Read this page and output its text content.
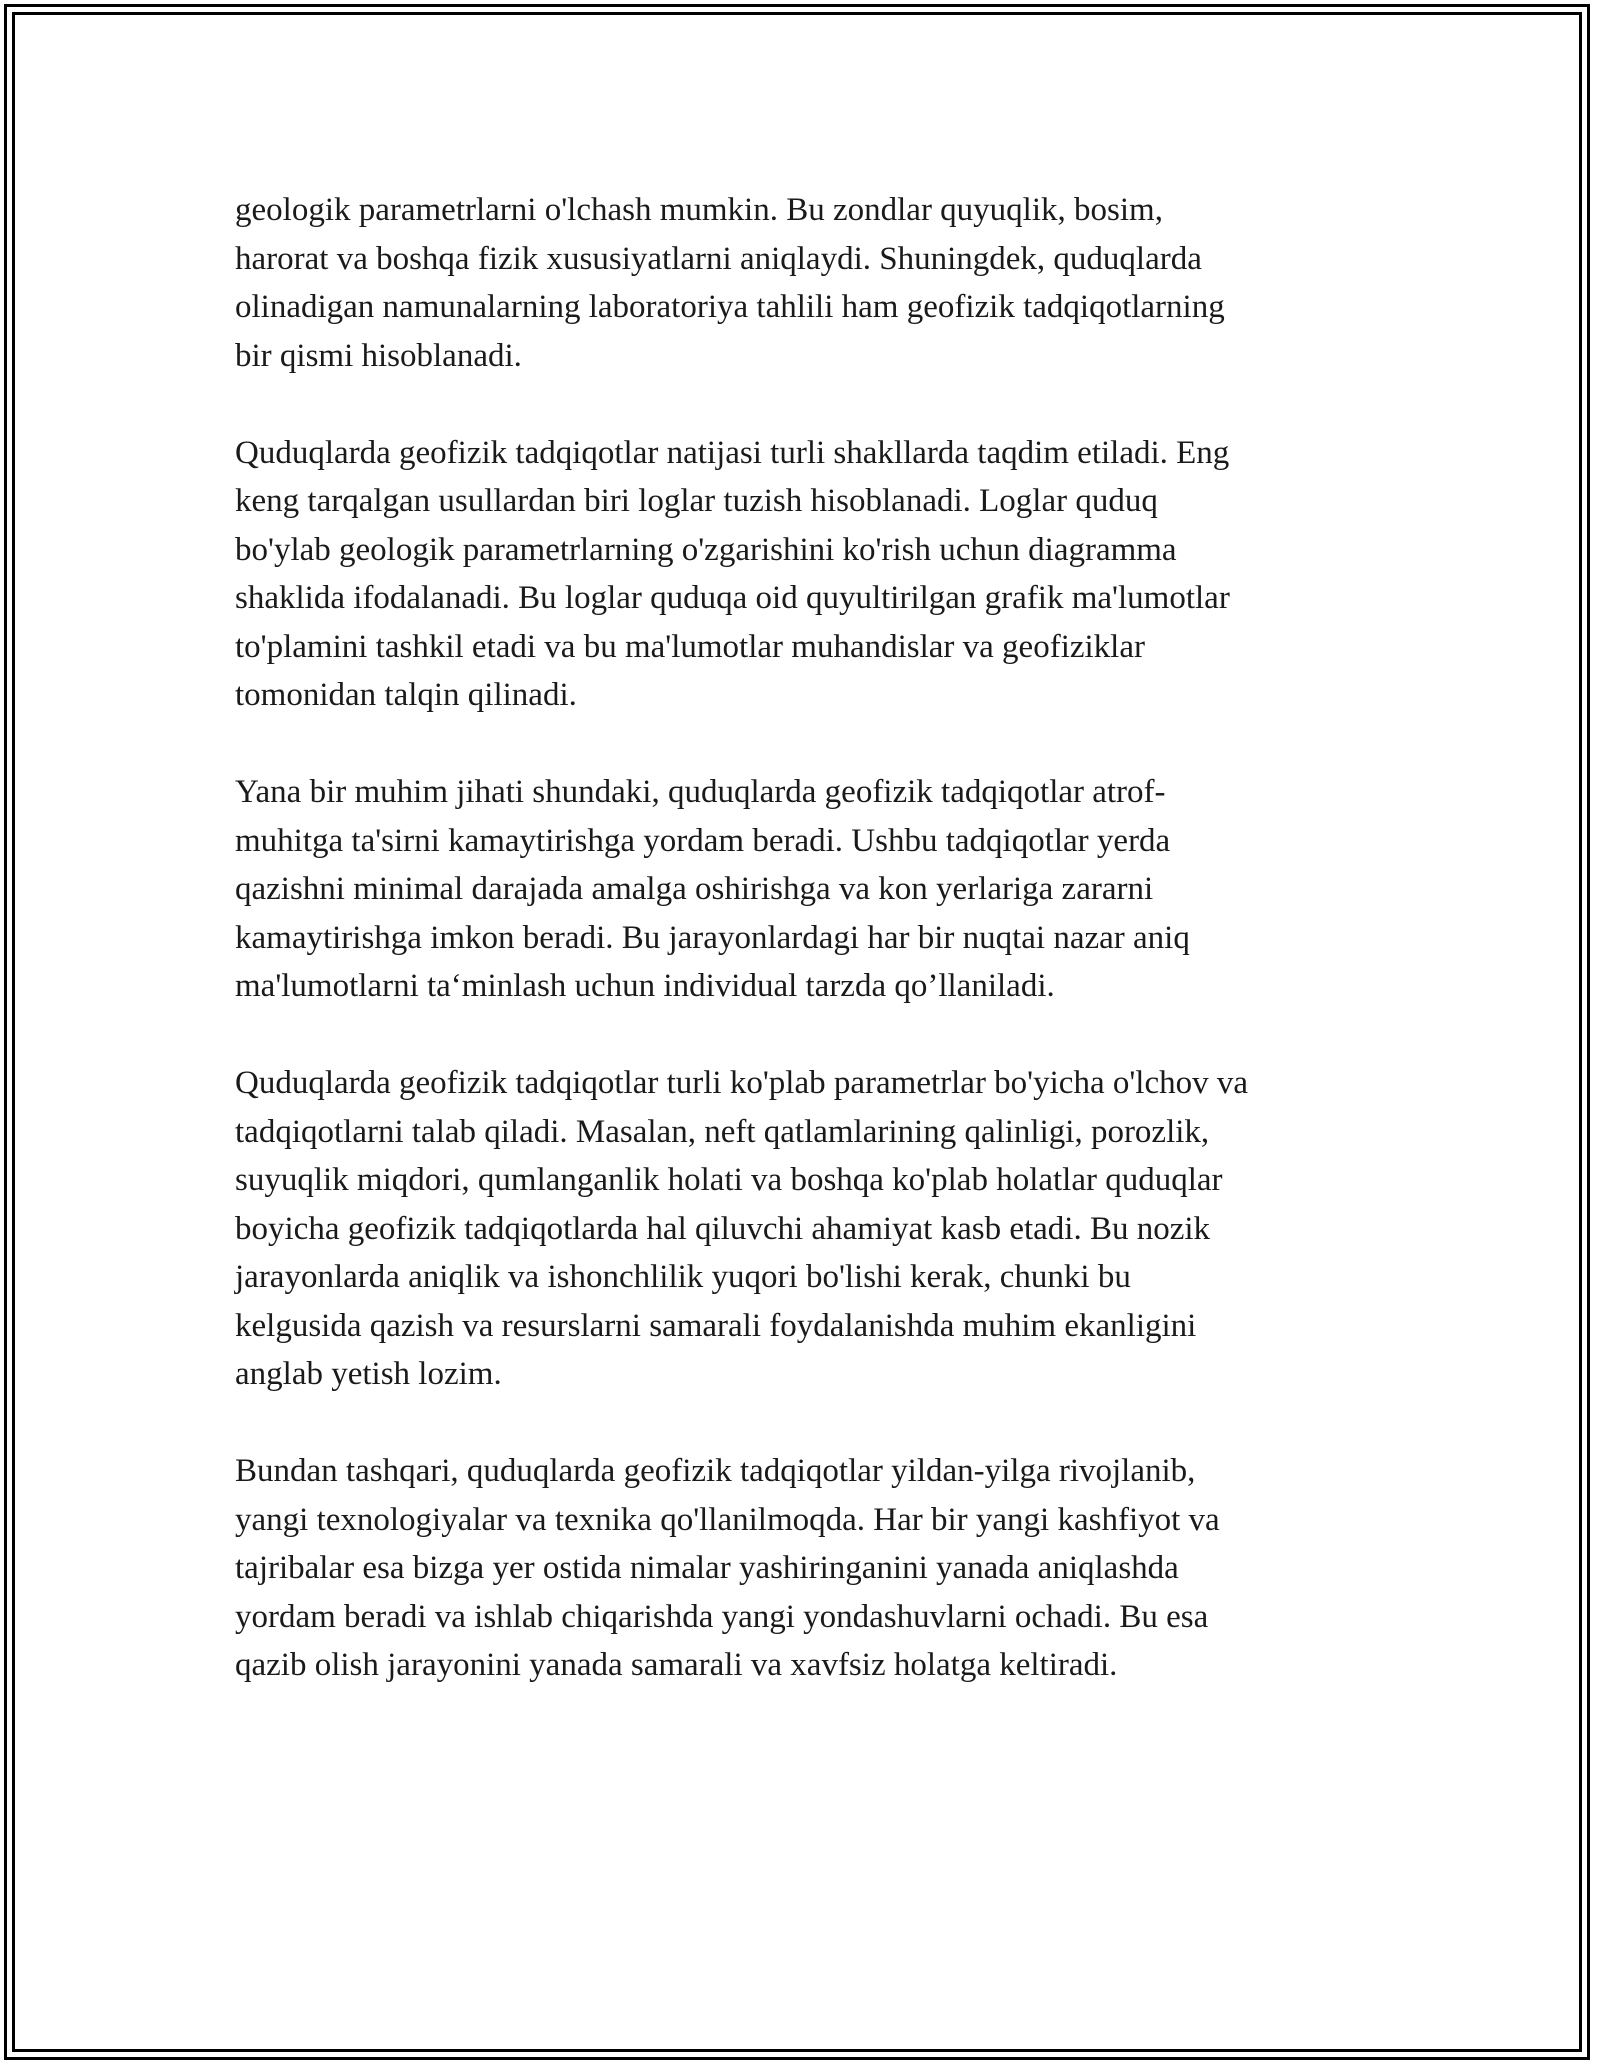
geologik parametrlarni o'lchash mumkin. Bu zondlar quyuqlik, bosim,
harorat va boshqa fizik xususiyatlarni aniqlaydi. Shuningdek, quduqlarda
olinadigan namunalarning laboratoriya tahlili ham geofizik tadqiqotlarning
bir qismi hisoblanadi.

Quduqlarda geofizik tadqiqotlar natijasi turli shakllarda taqdim etiladi. Eng
keng tarqalgan usullardan biri loglar tuzish hisoblanadi. Loglar quduq
bo'ylab geologik parametrlarning o'zgarishini ko'rish uchun diagramma
shaklida ifodalanadi. Bu loglar quduqa oid quyultirilgan grafik ma'lumotlar
to'plamini tashkil etadi va bu ma'lumotlar muhandislar va geofiziklar
tomonidan talqin qilinadi.

Yana bir muhim jihati shundaki, quduqlarda geofizik tadqiqotlar atrof-
muhitga ta'sirni kamaytirishga yordam beradi. Ushbu tadqiqotlar yerda
qazishni minimal darajada amalga oshirishga va kon yerlariga zararni
kamaytirishga imkon beradi. Bu jarayonlardagi har bir nuqtai nazar aniq
ma'lumotlarni ta‘minlash uchun individual tarzda qo’llaniladi.

Quduqlarda geofizik tadqiqotlar turli ko'plab parametrlar bo'yicha o'lchov va
tadqiqotlarni talab qiladi. Masalan, neft qatlamlarining qalinligi, porozlik,
suyuqlik miqdori, qumlanganlik holati va boshqa ko'plab holatlar quduqlar
boyicha geofizik tadqiqotlarda hal qiluvchi ahamiyat kasb etadi. Bu nozik
jarayonlarda aniqlik va ishonchlilik yuqori bo'lishi kerak, chunki bu
kelgusida qazish va resurslarni samarali foydalanishda muhim ekanligini
anglab yetish lozim.

Bundan tashqari, quduqlarda geofizik tadqiqotlar yildan-yilga rivojlanib,
yangi texnologiyalar va texnika qo'llanilmoqda. Har bir yangi kashfiyot va
tajribalar esa bizga yer ostida nimalar yashiringanini yanada aniqlashda
yordam beradi va ishlab chiqarishda yangi yondashuvlarni ochadi. Bu esa
qazib olish jarayonini yanada samarali va xavfsiz holatga keltiradi.
